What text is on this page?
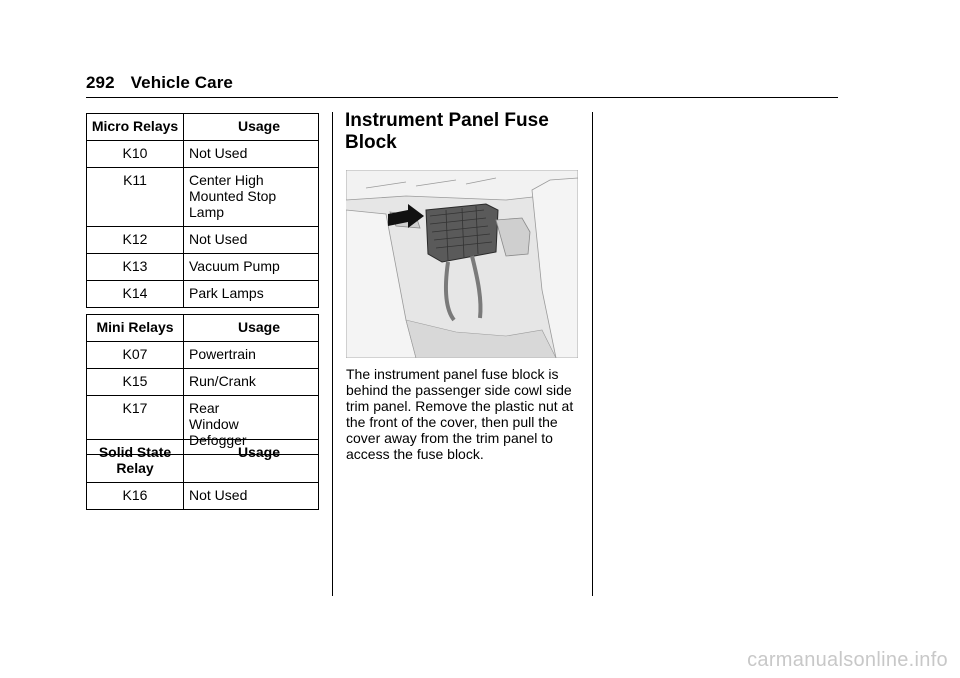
292 Vehicle Care
Micro Relays	Usage
K10	Not Used
K11	Center High Mounted Stop Lamp
K12	Not Used
K13	Vacuum Pump
K14	Park Lamps
Mini Relays	Usage
K07	Powertrain
K15	Run/Crank
K17	Rear Window Defogger
Solid State Relay	Usage
K16	Not Used
Instrument Panel Fuse Block
The instrument panel fuse block is behind the passenger side cowl side trim panel. Remove the plastic nut at the front of the cover, then pull the cover away from the trim panel to access the fuse block.
carmanualsonline.info
